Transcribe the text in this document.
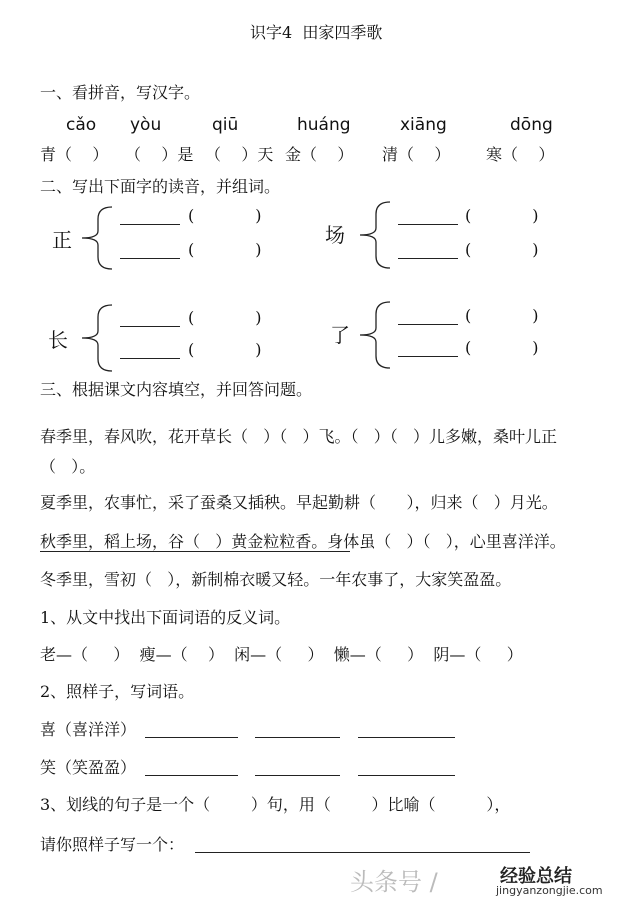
识字4  田家四季歌
一、看拼音，写汉字。
cǎo yòu	qiū	huáng	xiāng	dōng
青（    ） （    ）是 （    ）天 金（    ） 清（    ） 寒（    ）
二、写出下面字的读音，并组词。
正
(            )
(            )
场
(            )
(            )
长
(            )
(            )
了
(            )
(            )
三、根据课文内容填空，并回答问题。
春季里，春风吹，花开草长（   ）（   ）飞。（   ）（   ）儿多嫩，桑叶儿正
（   ）。
夏季里，农事忙，采了蚕桑又插秧。早起勤耕（      ），归来（   ）月光。
秋季里，稻上场，谷（   ）黄金粒粒香。身体虽（   ）（   ），心里喜洋洋。
冬季里，雪初（   ），新制棉衣暖又轻。一年农事了，大家笑盈盈。
1、从文中找出下面词语的反义词。
老—（     ）  瘦—（    ）  闲—（     ）  懒—（     ）  阴—（     ）
2、照样子，写词语。
喜（喜洋洋）
笑（笑盈盈）
3、划线的句子是一个（        ）句，用（        ）比喻（          ），
请你照样子写一个：
头条号 /	经验总结
jingyanzongjie.com
